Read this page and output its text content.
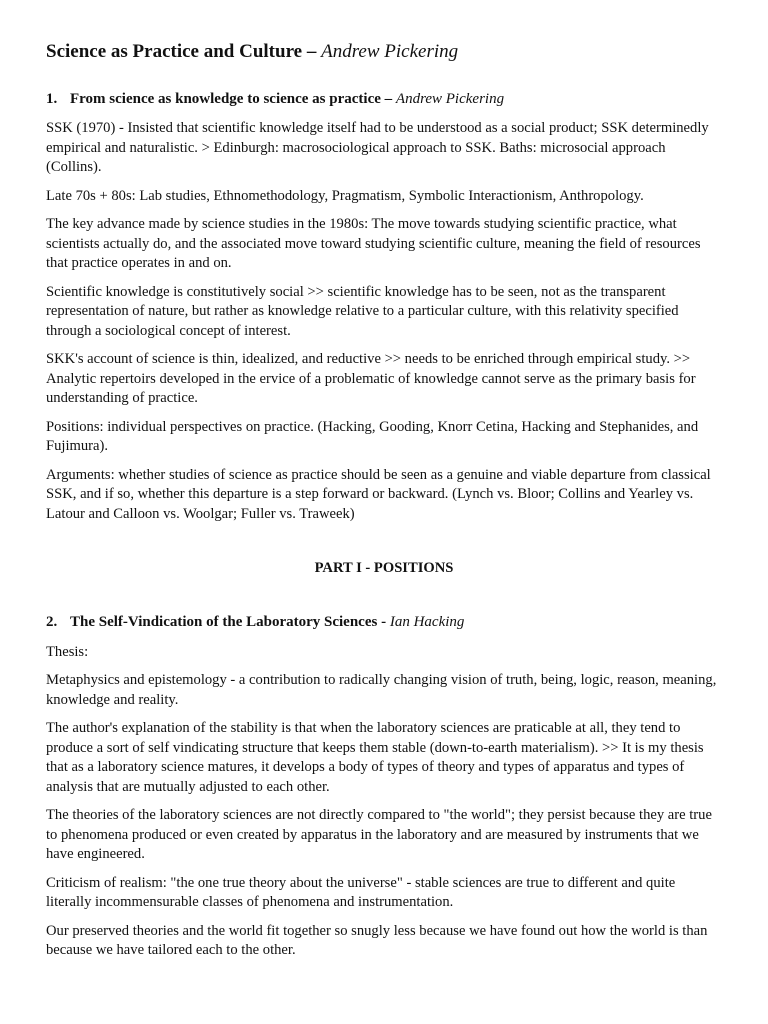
Science as Practice and Culture – Andrew Pickering
1. From science as knowledge to science as practice – Andrew Pickering

SSK (1970) - Insisted that scientific knowledge itself had to be understood as a social product; SSK determinedly empirical and naturalistic. > Edinburgh: macrosociological approach to SSK. Baths: microsocial approach (Collins).

Late 70s + 80s: Lab studies, Ethnomethodology, Pragmatism, Symbolic Interactionism, Anthropology.

The key advance made by science studies in the 1980s: The move towards studying scientific practice, what scientists actually do, and the associated move toward studying scientific culture, meaning the field of resources that practice operates in and on.

Scientific knowledge is constitutively social >> scientific knowledge has to be seen, not as the transparent representation of nature, but rather as knowledge relative to a particular culture, with this relativity specified through a sociological concept of interest.

SKK's account of science is thin, idealized, and reductive >> needs to be enriched through empirical study. >> Analytic repertoirs developed in the ervice of a problematic of knowledge cannot serve as the primary basis for understanding of practice.

Positions: individual perspectives on practice. (Hacking, Gooding, Knorr Cetina, Hacking and Stephanides, and Fujimura).

Arguments: whether studies of science as practice should be seen as a genuine and viable departure from classical SSK, and if so, whether this departure is a step forward or backward. (Lynch vs. Bloor; Collins and Yearley vs. Latour and Calloon vs. Woolgar; Fuller vs. Traweek)

PART I - POSITIONS
2. The Self-Vindication of the Laboratory Sciences - Ian Hacking

Thesis:

Metaphysics and epistemology - a contribution to radically changing vision of truth, being, logic, reason, meaning, knowledge and reality.

The author's explanation of the stability is that when the laboratory sciences are praticable at all, they tend to produce a sort of self vindicating structure that keeps them stable (down-to-earth materialism). >> It is my thesis that as a laboratory science matures, it develops a body of types of theory and types of apparatus and types of analysis that are mutually adjusted to each other.

The theories of the laboratory sciences are not directly compared to "the world"; they persist because they are true to phenomena produced or even created by apparatus in the laboratory and are measured by instruments that we have engineered.

Criticism of realism: "the one true theory about the universe" - stable sciences are true to different and quite literally incommensurable classes of phenomena and instrumentation.

Our preserved theories and the world fit together so snugly less because we have found out how the world is than because we have tailored each to the other.
